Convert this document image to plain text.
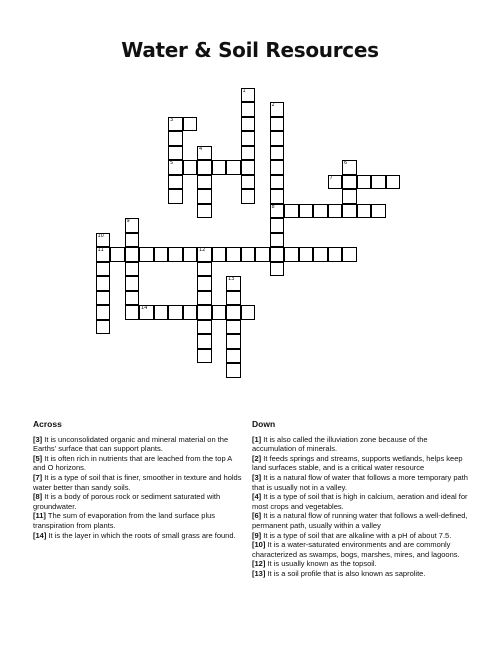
Water & Soil Resources
5
7
8
11	12
14
1
2
3
4
6
9
10
13
Across

[3] It is unconsolidated organic and mineral material on the Earths' surface that can support plants.

[5] It is often rich in nutrients that are leached from the top A and O horizons.

[7] It is a type of soil that is finer, smoother in texture and holds water better than sandy soils.

[8] It is a body of porous rock or sediment saturated with groundwater.

[11] The sum of evaporation from the land surface plus transpiration from plants.

[14] It is the layer in which the roots of small grass are found.

Down

[1] It is also called the illuviation zone because of the accumulation of minerals.

[2] It feeds springs and streams, supports wetlands, helps keep land surfaces stable, and is a critical water resource

[3] It is a natural flow of water that follows a more temporary path that is usually not in a valley.

[4] It is a type of soil that is high in calcium, aeration and ideal for most crops and vegetables.

[6] It is a natural flow of running water that follows a well-defined, permanent path, usually within a valley

[9] It is a type of soil that are alkaline with a pH of about 7.5.

[10] It is a water-saturated environments and are commonly characterized as swamps, bogs, marshes, mires, and lagoons.

[12] It is usually known as the topsoil.

[13] It is a soil profile that is also known as saprolite.
